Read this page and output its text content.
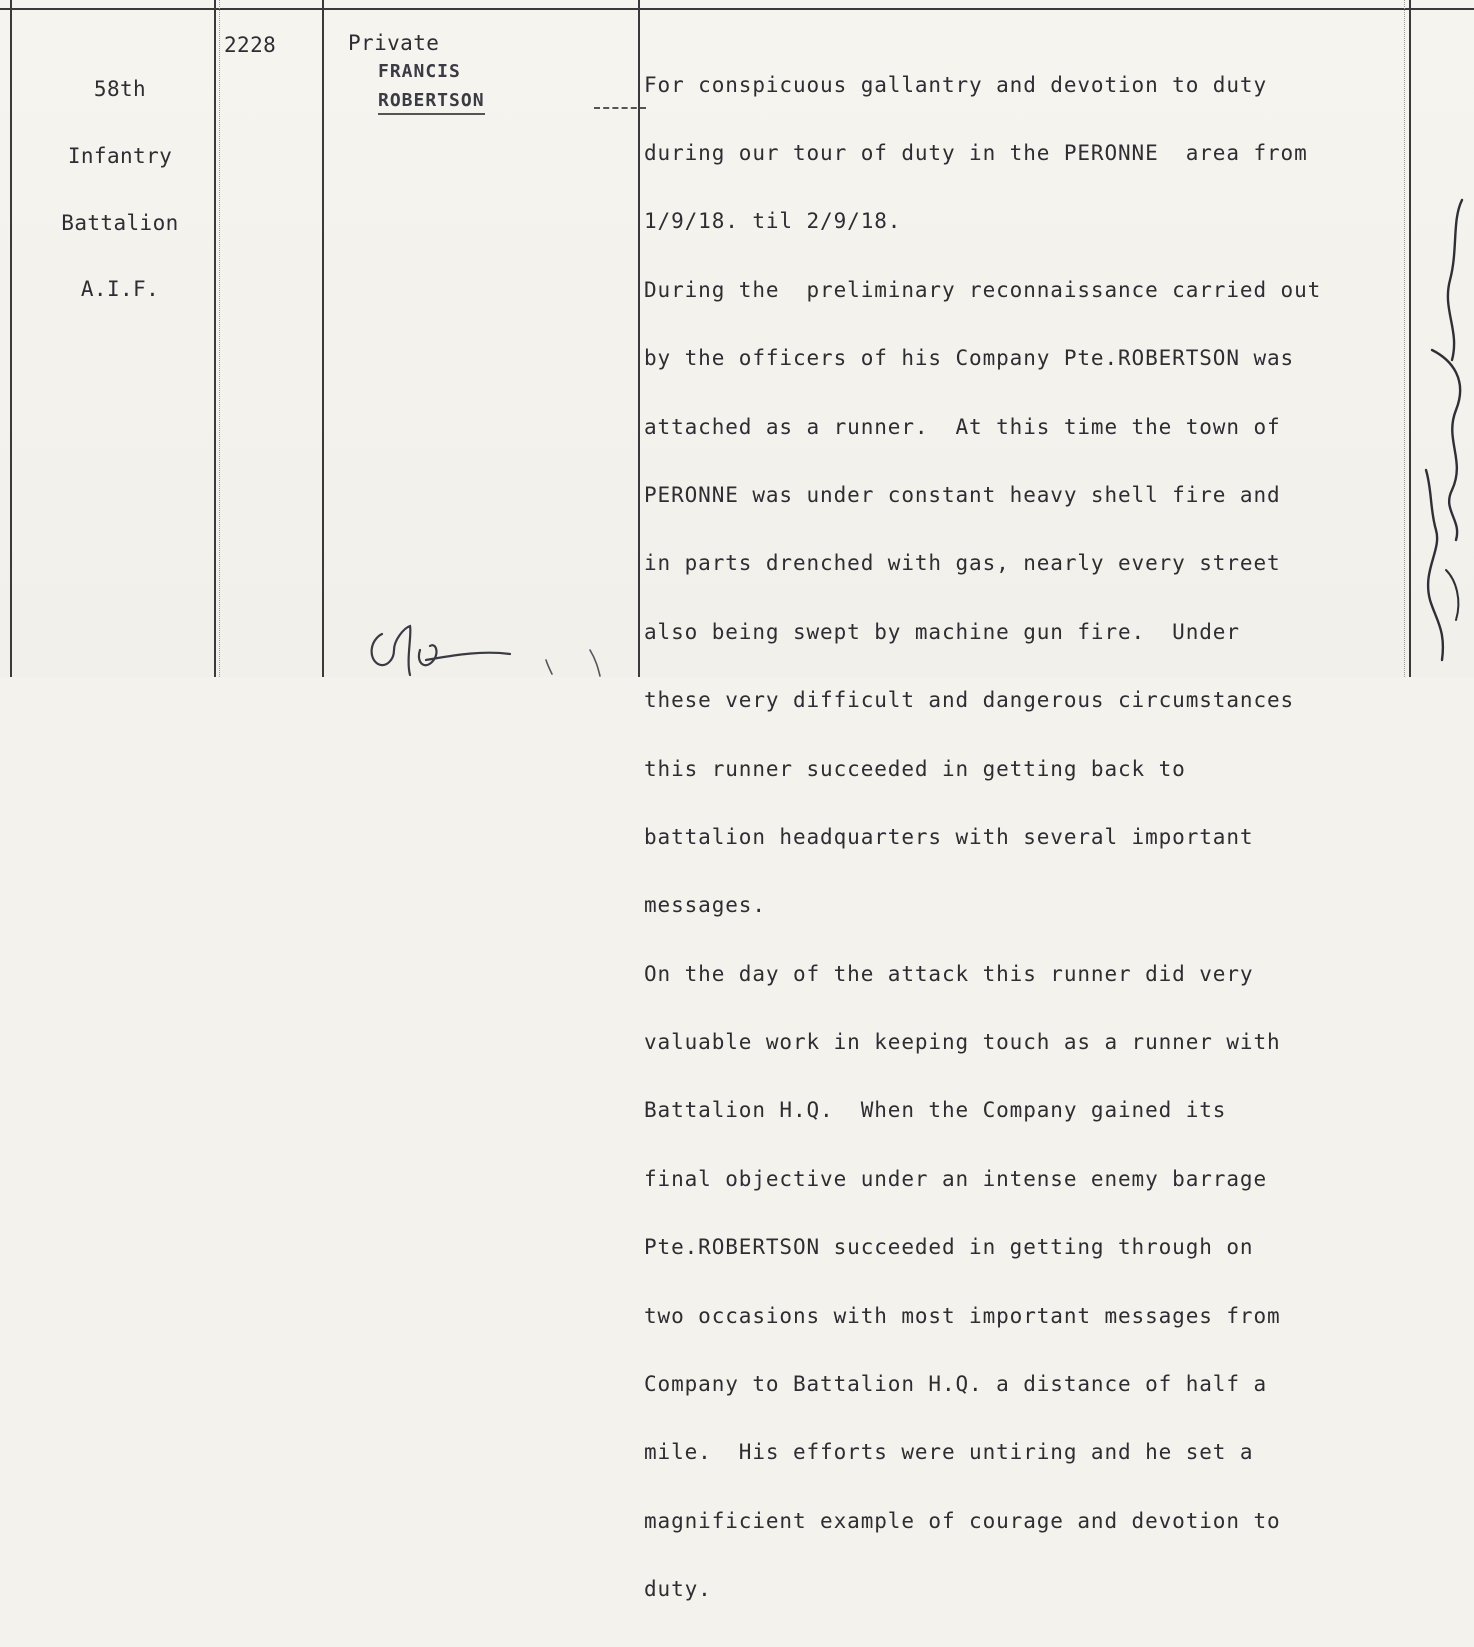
58th

Infantry

Battalion

A.I.F.

2228	Private
FRANCIS
ROBERTSON

For conspicuous gallantry and devotion to duty

during our tour of duty in the PERONNE  area from

1/9/18. til 2/9/18.

During the  preliminary reconnaissance carried out

by the officers of his Company Pte.ROBERTSON was

attached as a runner.  At this time the town of

PERONNE was under constant heavy shell fire and

in parts drenched with gas, nearly every street

also being swept by machine gun fire.  Under

these very difficult and dangerous circumstances

this runner succeeded in getting back to

battalion headquarters with several important

messages.

On the day of the attack this runner did very

valuable work in keeping touch as a runner with

Battalion H.Q.  When the Company gained its

final objective under an intense enemy barrage

Pte.ROBERTSON succeeded in getting through on

two occasions with most important messages from

Company to Battalion H.Q. a distance of half a

mile.  His efforts were untiring and he set a

magnificient example of courage and devotion to

duty.
